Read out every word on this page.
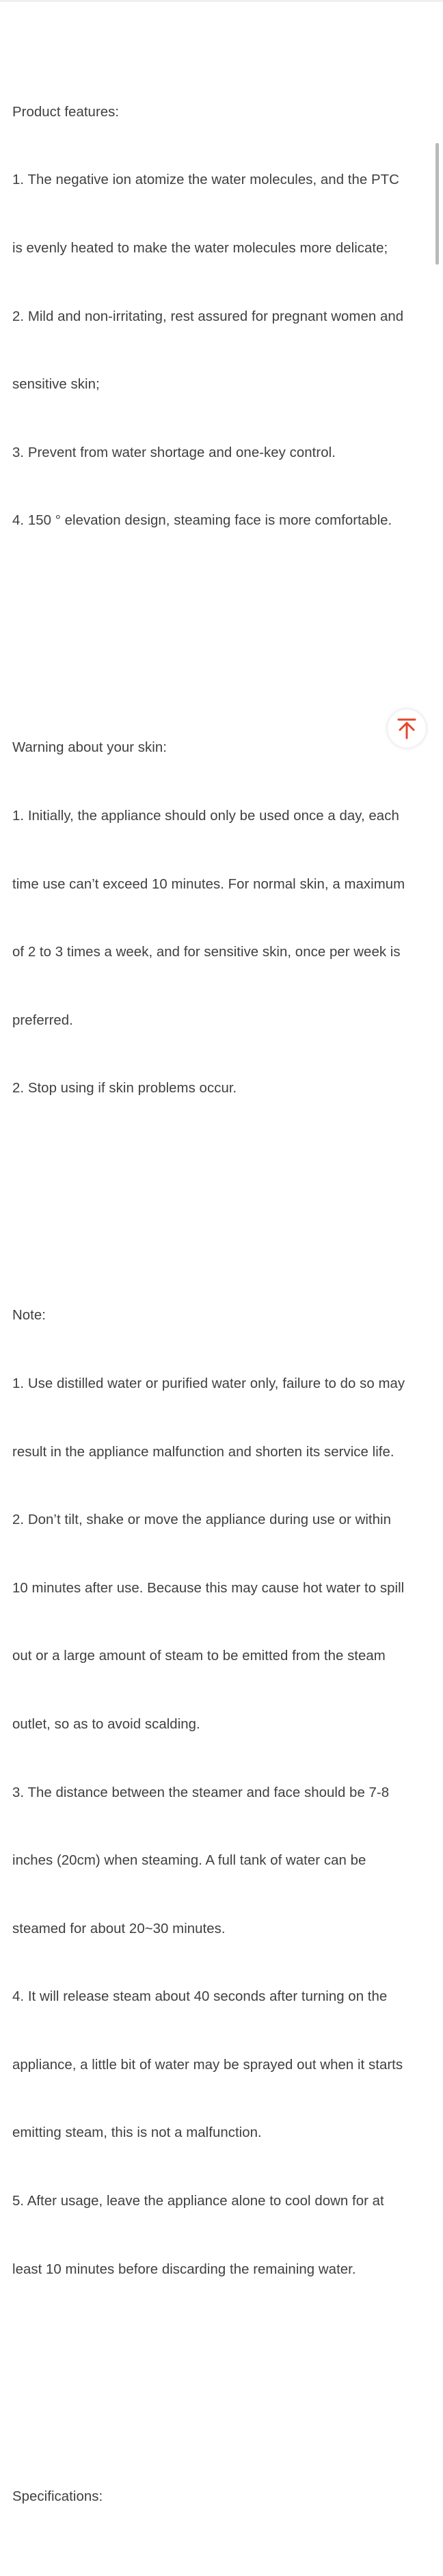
Product features:

1. The negative ion atomize the water molecules, and the PTC

is evenly heated to make the water molecules more delicate;

2. Mild and non-irritating, rest assured for pregnant women and

sensitive skin;

3. Prevent from water shortage and one-key control.

4. 150 ° elevation design, steaming face is more comfortable.

Warning about your skin:

1. Initially, the appliance should only be used once a day, each

time use can’t exceed 10 minutes. For normal skin, a maximum

of 2 to 3 times a week, and for sensitive skin, once per week is

preferred.

2. Stop using if skin problems occur.

Note:

1. Use distilled water or purified water only, failure to do so may

result in the appliance malfunction and shorten its service life.

2. Don’t tilt, shake or move the appliance during use or within

10 minutes after use. Because this may cause hot water to spill

out or a large amount of steam to be emitted from the steam

outlet, so as to avoid scalding.

3. The distance between the steamer and face should be 7-8

inches (20cm) when steaming. A full tank of water can be

steamed for about 20~30 minutes.

4. It will release steam about 40 seconds after turning on the

appliance, a little bit of water may be sprayed out when it starts

emitting steam, this is not a malfunction.

5. After usage, leave the appliance alone to cool down for at

least 10 minutes before discarding the remaining water.

Specifications:
